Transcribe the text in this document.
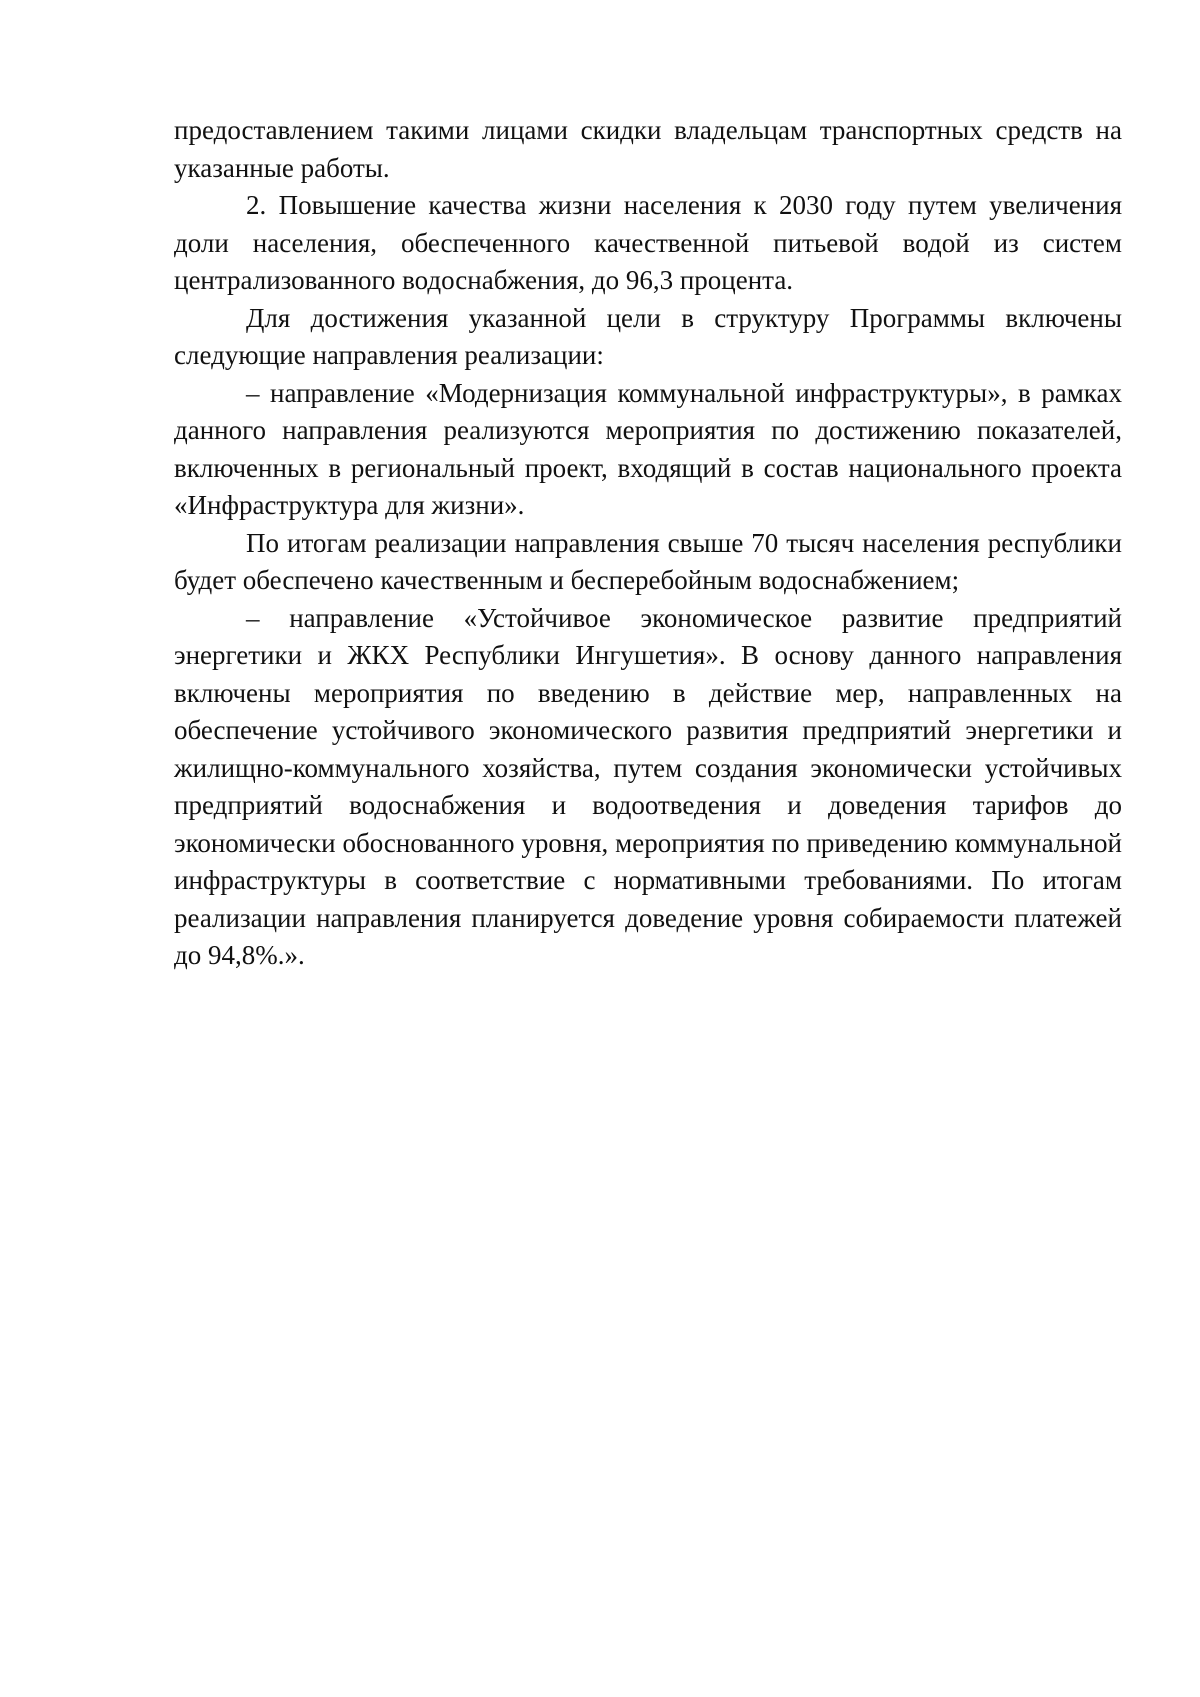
предоставлением такими лицами скидки владельцам транспортных средств на указанные работы.

2. Повышение качества жизни населения к 2030 году путем увеличения доли населения, обеспеченного качественной питьевой водой из систем централизованного водоснабжения, до 96,3 процента.

Для достижения указанной цели в структуру Программы включены следующие направления реализации:

– направление «Модернизация коммунальной инфраструктуры», в рамках данного направления реализуются мероприятия по достижению показателей, включенных в региональный проект, входящий в состав национального проекта «Инфраструктура для жизни».

По итогам реализации направления свыше 70 тысяч населения республики будет обеспечено качественным и бесперебойным водоснабжением;

– направление «Устойчивое экономическое развитие предприятий энергетики и ЖКХ Республики Ингушетия». В основу данного направления включены мероприятия по введению в действие мер, направленных на обеспечение устойчивого экономического развития предприятий энергетики и жилищно-коммунального хозяйства, путем создания экономически устойчивых предприятий водоснабжения и водоотведения и доведения тарифов до экономически обоснованного уровня, мероприятия по приведению коммунальной инфраструктуры в соответствие с нормативными требованиями. По итогам реализации направления планируется доведение уровня собираемости платежей до 94,8%.».
